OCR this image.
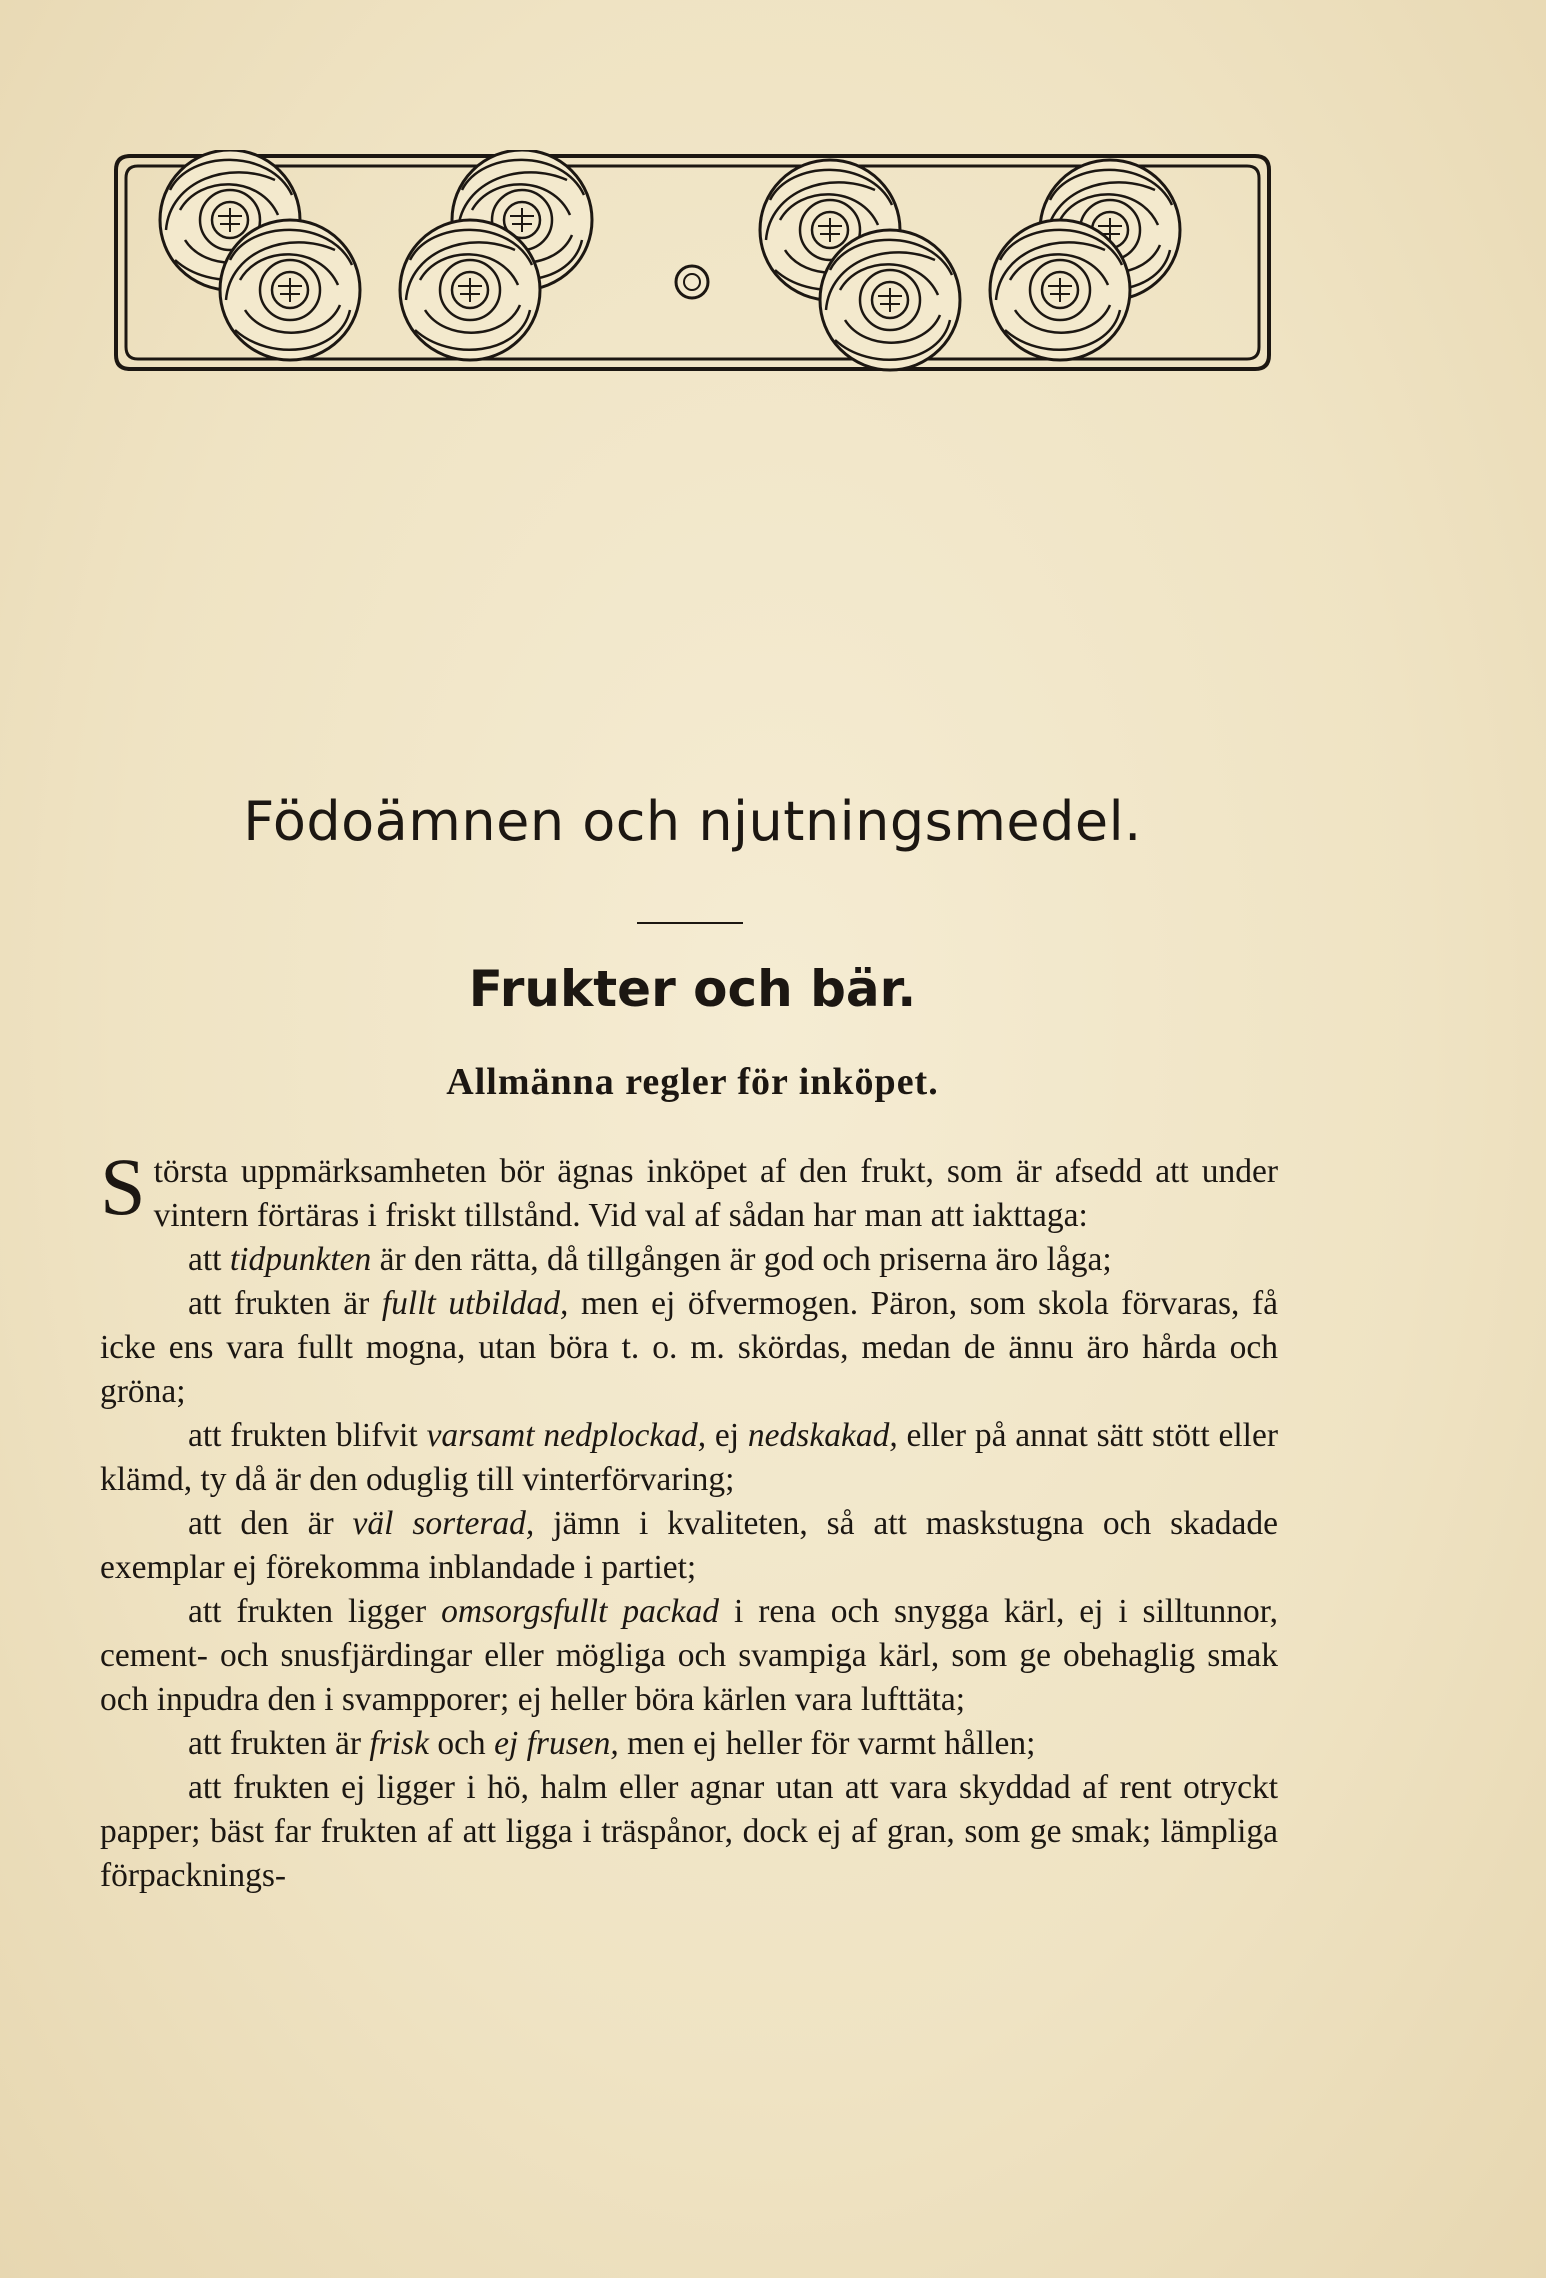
Födoämnen och njutningsmedel.
Frukter och bär.
Allmänna regler för inköpet.

Största uppmärksamheten bör ägnas inköpet af den frukt, som är afsedd att under vintern förtäras i friskt tillstånd. Vid val af sådan har man att iakttaga:

att tidpunkten är den rätta, då tillgången är god och priserna äro låga;

att frukten är fullt utbildad, men ej öfvermogen. Päron, som skola förvaras, få icke ens vara fullt mogna, utan böra t. o. m. skördas, medan de ännu äro hårda och gröna;

att frukten blifvit varsamt nedplockad, ej nedskakad, eller på annat sätt stött eller klämd, ty då är den oduglig till vinterförvaring;

att den är väl sorterad, jämn i kvaliteten, så att maskstugna och skadade exemplar ej förekomma inblandade i partiet;

att frukten ligger omsorgsfullt packad i rena och snygga kärl, ej i silltunnor, cement- och snusfjärdingar eller mögliga och svampiga kärl, som ge obehaglig smak och inpudra den i svampporer; ej heller böra kärlen vara lufttäta;

att frukten är frisk och ej frusen, men ej heller för varmt hållen;

att frukten ej ligger i hö, halm eller agnar utan att vara skyddad af rent otryckt papper; bäst far frukten af att ligga i träspånor, dock ej af gran, som ge smak; lämpliga förpacknings-
